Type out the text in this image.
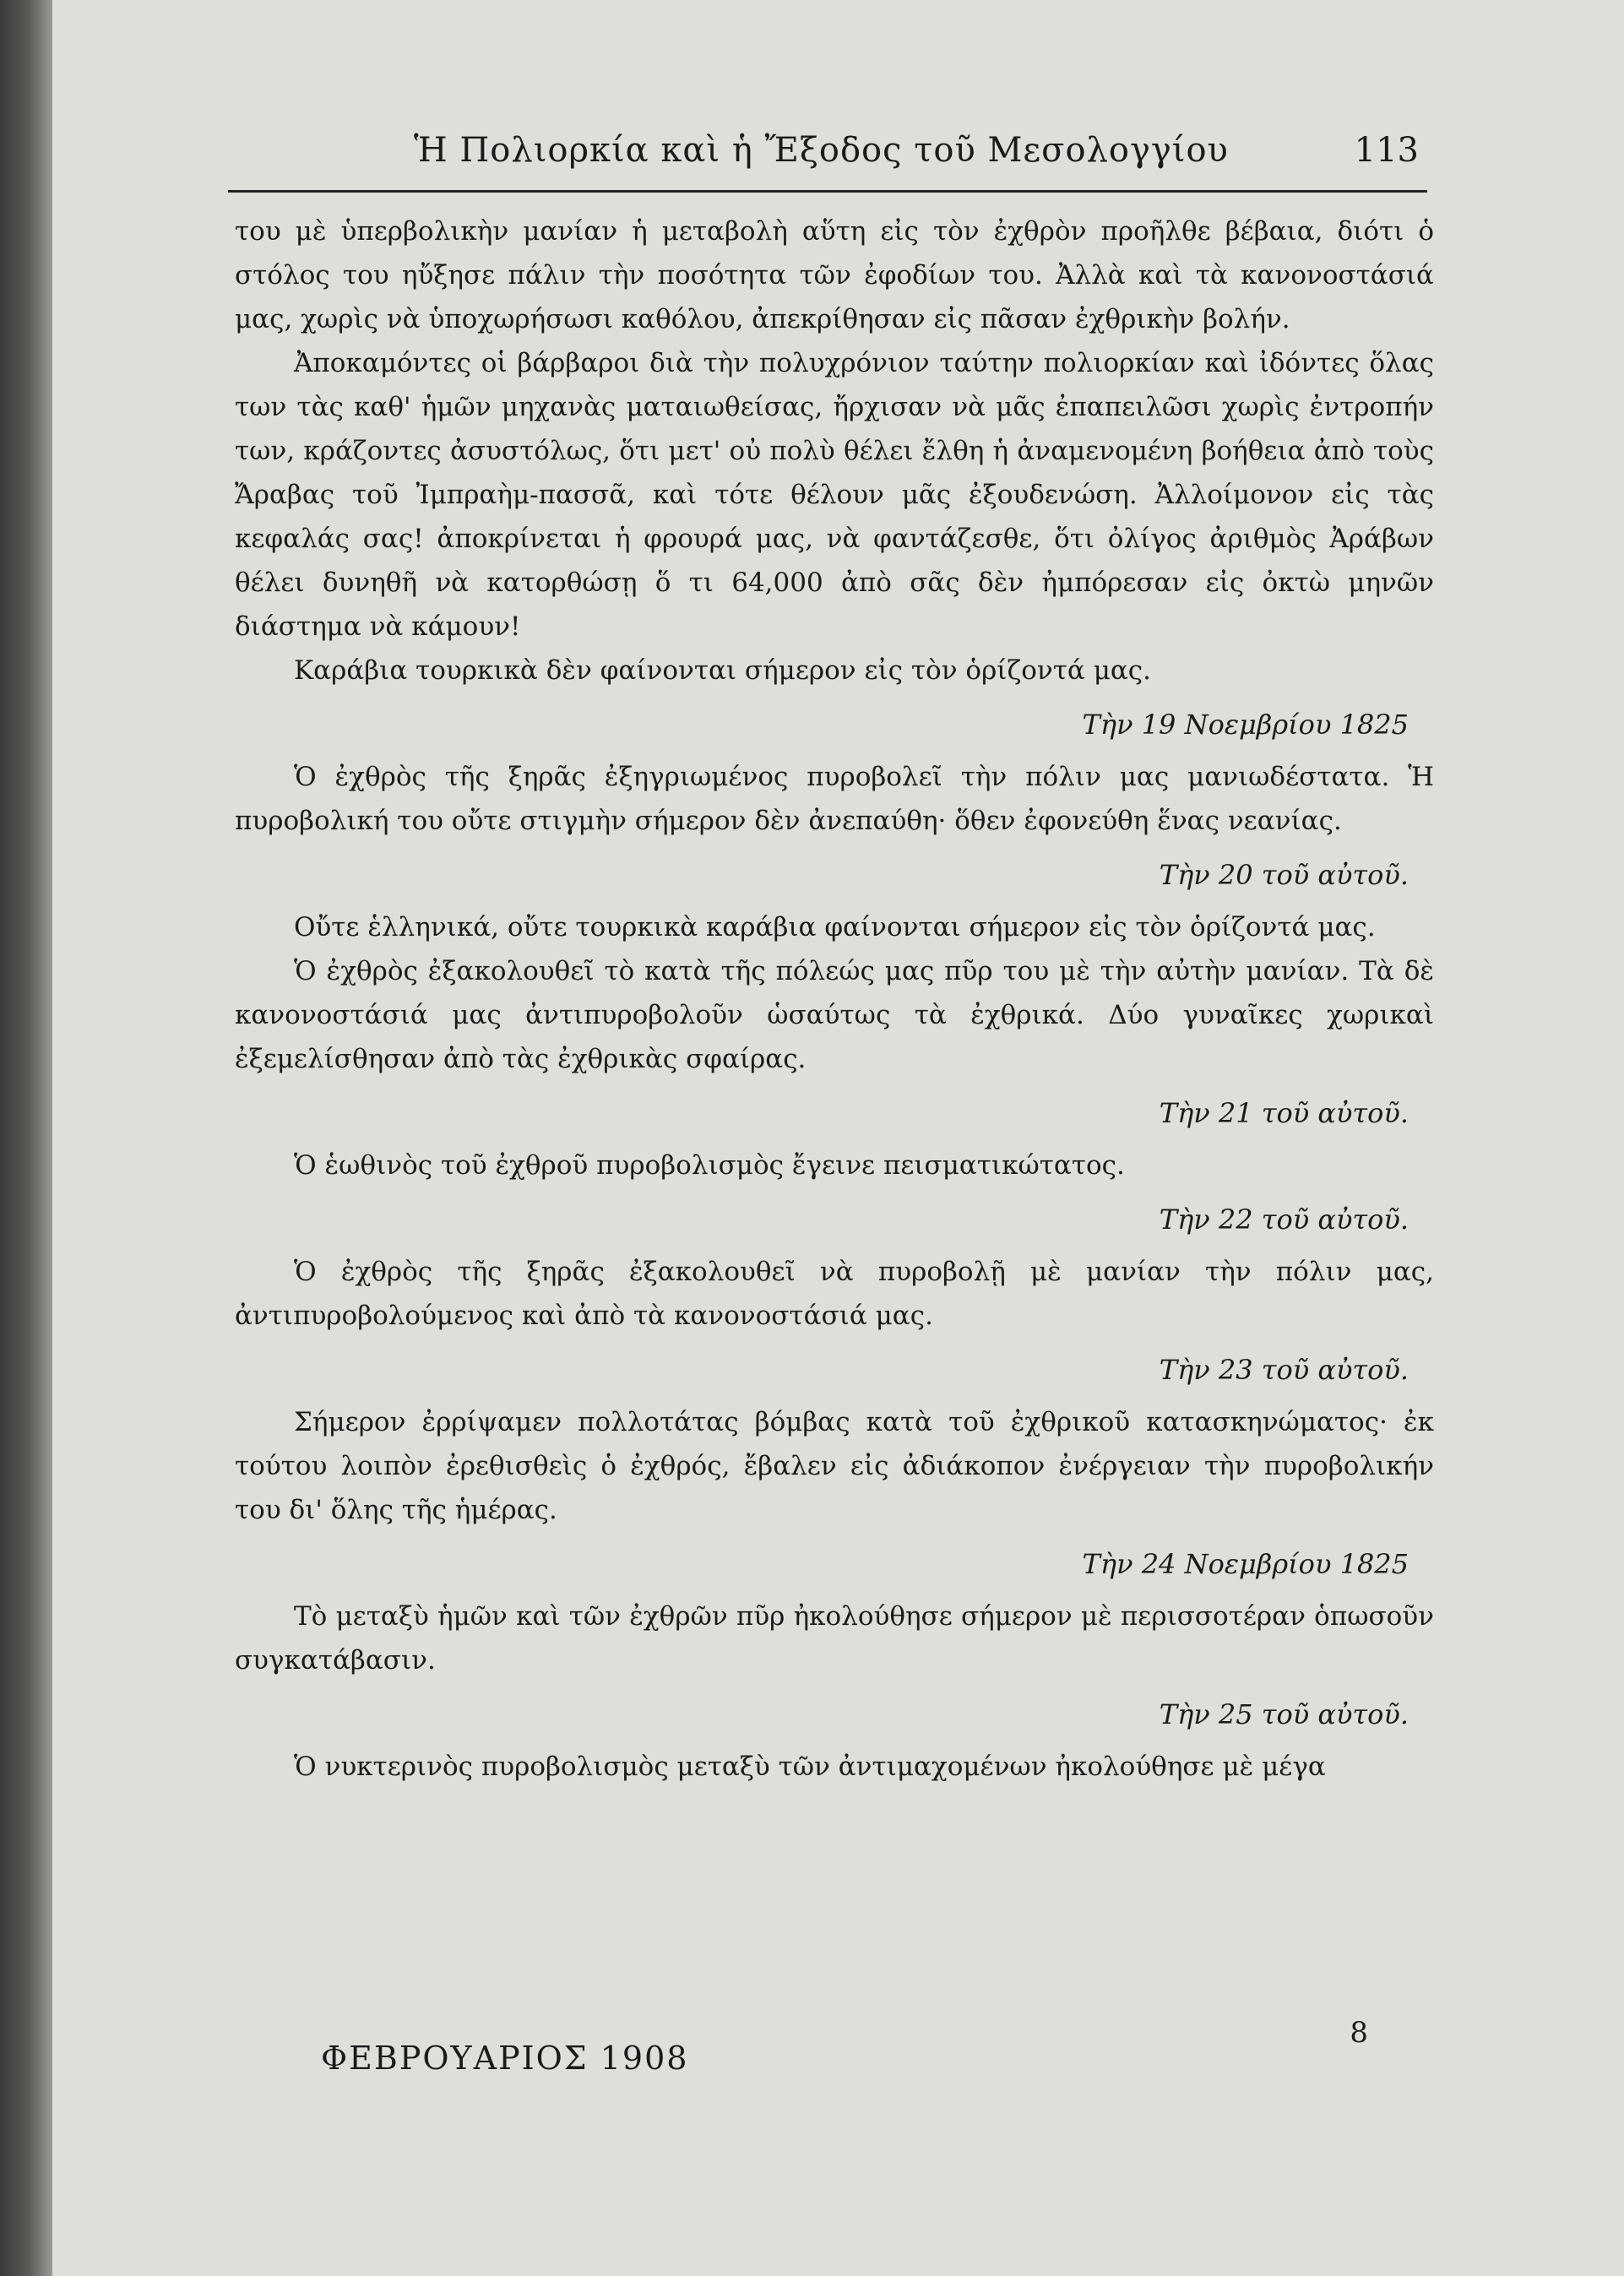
Ἡ Πολιορκία καὶ ἡ Ἔξοδος τοῦ Μεσολογγίου	113

του μὲ ὑπερβολικὴν μανίαν ἡ μεταβολὴ αὕτη εἰς τὸν ἐχθρὸν προῆλθε βέβαια, διότι ὁ στόλος του ηὔξησε πάλιν τὴν ποσότητα τῶν ἐφοδίων του. Ἀλλὰ καὶ τὰ κανονοστάσιά μας, χωρὶς νὰ ὑποχωρήσωσι καθόλου, ἀπεκρίθησαν εἰς πᾶσαν ἐχθρικὴν βολήν.

Ἀποκαμόντες οἱ βάρβαροι διὰ τὴν πολυχρόνιον ταύτην πολιορκίαν καὶ ἰδόντες ὅλας των τὰς καθ' ἡμῶν μηχανὰς ματαιωθείσας, ἤρχισαν νὰ μᾶς ἐπαπειλῶσι χωρὶς ἐντροπήν των, κράζοντες ἀσυστόλως, ὅτι μετ' οὐ πολὺ θέλει ἔλθη ἡ ἀναμενομένη βοήθεια ἀπὸ τοὺς Ἄραβας τοῦ Ἰμπραὴμ-πασσᾶ, καὶ τότε θέλουν μᾶς ἐξουδενώση. Ἀλλοίμονον εἰς τὰς κεφαλάς σας! ἀποκρίνεται ἡ φρουρά μας, νὰ φαντάζεσθε, ὅτι ὀλίγος ἀριθμὸς Ἀράβων θέλει δυνηθῆ νὰ κατορθώσῃ ὅ τι 64,000 ἀπὸ σᾶς δὲν ἠμπόρεσαν εἰς ὀκτὼ μηνῶν διάστημα νὰ κάμουν!

Καράβια τουρκικὰ δὲν φαίνονται σήμερον εἰς τὸν ὁρίζοντά μας.

Τὴν 19 Νοεμβρίου 1825

Ὁ ἐχθρὸς τῆς ξηρᾶς ἐξηγριωμένος πυροβολεῖ τὴν πόλιν μας μανιωδέστατα. Ἡ πυροβολική του οὔτε στιγμὴν σήμερον δὲν ἀνεπαύθη· ὅθεν ἐφονεύθη ἕνας νεανίας.

Τὴν 20 τοῦ αὐτοῦ.

Οὔτε ἑλληνικά, οὔτε τουρκικὰ καράβια φαίνονται σήμερον εἰς τὸν ὁρίζοντά μας.

Ὁ ἐχθρὸς ἐξακολουθεῖ τὸ κατὰ τῆς πόλεώς μας πῦρ του μὲ τὴν αὐτὴν μανίαν. Τὰ δὲ κανονοστάσιά μας ἀντιπυροβολοῦν ὡσαύτως τὰ ἐχθρικά. Δύο γυναῖκες χωρικαὶ ἐξεμελίσθησαν ἀπὸ τὰς ἐχθρικὰς σφαίρας.

Τὴν 21 τοῦ αὐτοῦ.

Ὁ ἑωθινὸς τοῦ ἐχθροῦ πυροβολισμὸς ἔγεινε πεισματικώτατος.

Τὴν 22 τοῦ αὐτοῦ.

Ὁ ἐχθρὸς τῆς ξηρᾶς ἐξακολουθεῖ νὰ πυροβολῇ μὲ μανίαν τὴν πόλιν μας, ἀντιπυροβολούμενος καὶ ἀπὸ τὰ κανονοστάσιά μας.

Τὴν 23 τοῦ αὐτοῦ.

Σήμερον ἐρρίψαμεν πολλοτάτας βόμβας κατὰ τοῦ ἐχθρικοῦ κατασκηνώματος· ἐκ τούτου λοιπὸν ἐρεθισθεὶς ὁ ἐχθρός, ἔβαλεν εἰς ἀδιάκοπον ἐνέργειαν τὴν πυροβολικήν του δι' ὅλης τῆς ἡμέρας.

Τὴν 24 Νοεμβρίου 1825

Τὸ μεταξὺ ἡμῶν καὶ τῶν ἐχθρῶν πῦρ ἠκολούθησε σήμερον μὲ περισσοτέραν ὁπωσοῦν συγκατάβασιν.

Τὴν 25 τοῦ αὐτοῦ.

Ὁ νυκτερινὸς πυροβολισμὸς μεταξὺ τῶν ἀντιμαχομένων ἠκολούθησε μὲ μέγα

ΦΕΒΡΟΥΑΡΙΟΣ 1908
8
